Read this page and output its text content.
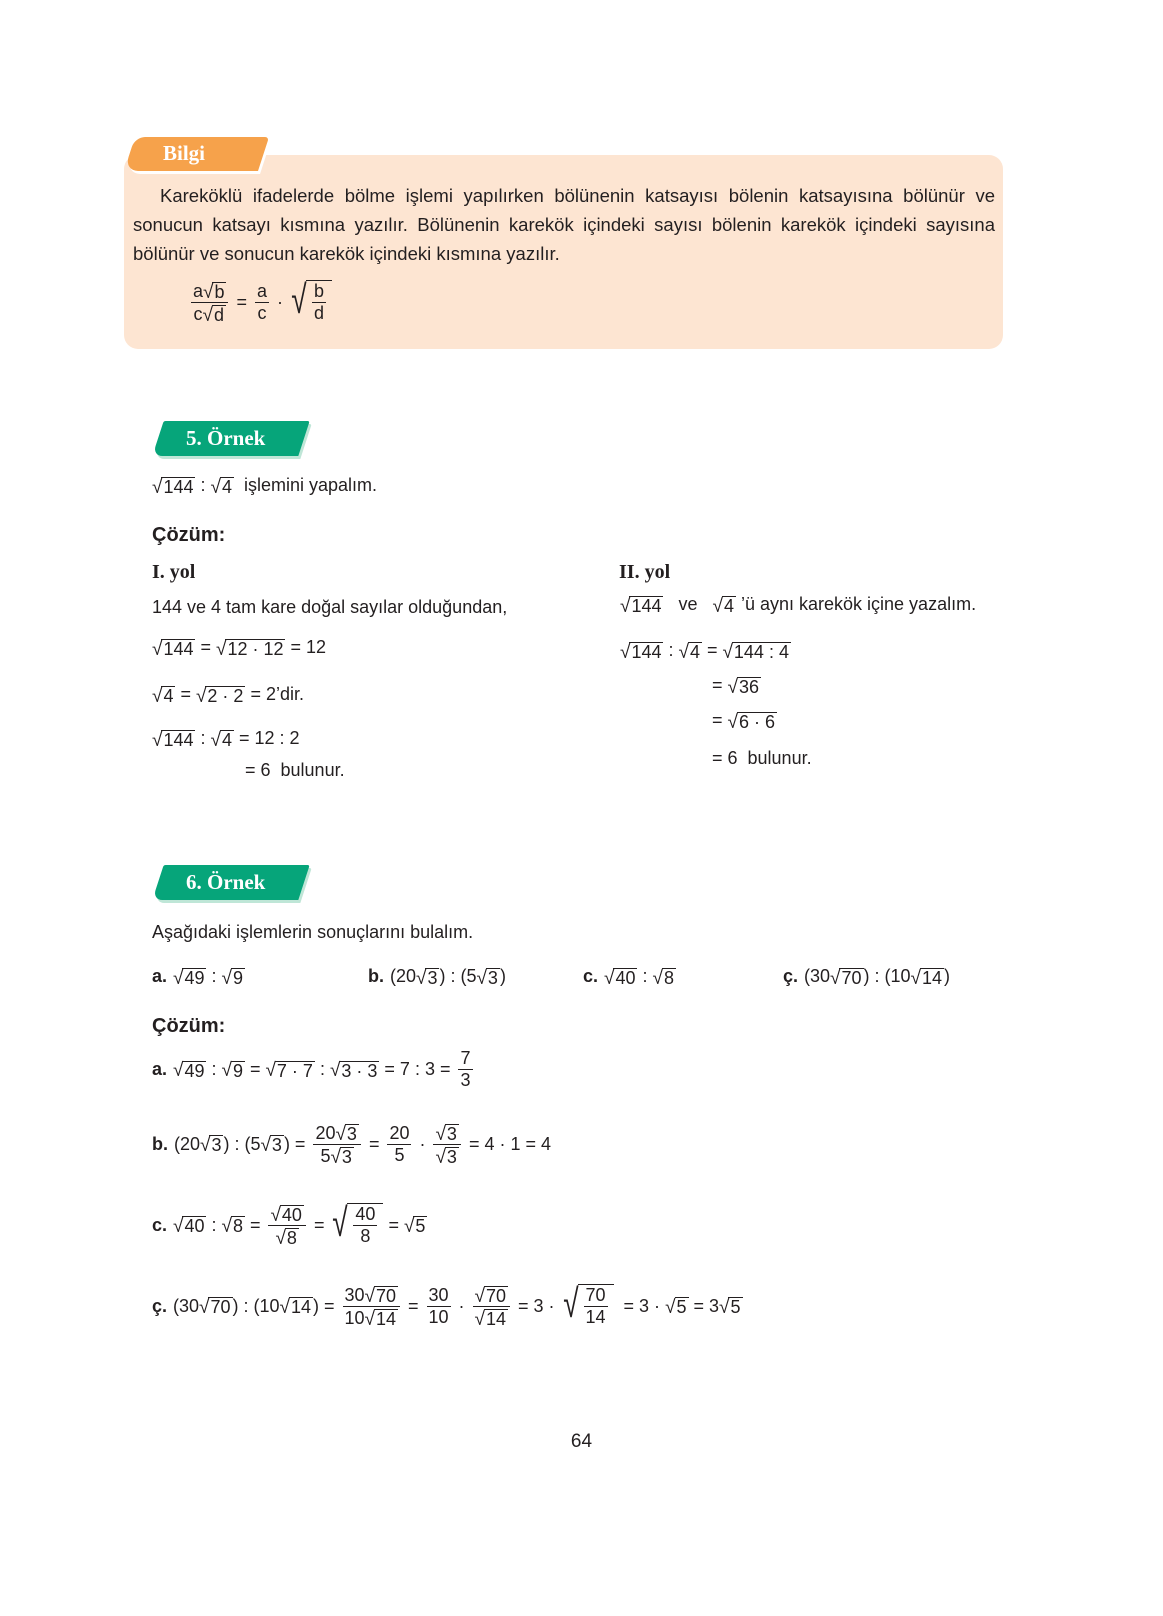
Bilgi
Kareköklü ifadelerde bölme işlemi yapılırken bölünenin katsayısı bölenin katsayısına bölünür ve sonucun katsayı kısmına yazılır. Bölünenin karekök içindeki sayısı bölenin karekök içindeki sayısına bölünür ve sonucun karekök içindeki kısmına yazılır.
$\frac{a √ b}{c √ d} = \frac{a}{c}$ · √ $\frac{b}{d}$
5. Örnek
√ 144 : √ 4 işlemini yapalım.
Çözüm:
I. yol	II. yol
144 ve 4 tam kare doğal sayılar olduğundan,
√ 144 = √ 12 · 12 = 12
√ 4 = √ 2 · 2 = 2’dir.
√ 144 : √ 4 = 12 : 2
= 6  bulunur.
√ 144 ve √ 4 ’ü aynı karekök içine yazalım.
√ 144 : √ 4 = √ 144 : 4
= √ 36
= √ 6 · 6
= 6  bulunur.
6. Örnek
Aşağıdaki işlemlerin sonuçlarını bulalım.
a. √ 49 : √ 9	b. (20 √ 3 ) : (5 √ 3 )	c. √ 40 : √ 8	ç. (30 √ 70 ) : (10 √ 14 )
Çözüm:
a. √ 49 : √ 9 = √ 7 · 7 : √ 3 · 3 = 7 : $3 = \frac{7}{3}$
b. (20 √ 3 ) : (5 √ 3 ) = $\frac{20 √ 3}{5 √ 3} = \frac{20}{5} \cdot \frac{√ 3}{√ 3} = 4 \cdot 1 = 4$
c. √ 40 : √ $8 = \frac{√ 40}{√ 8}$ = √ $\frac{40}{8}$ = √ 5
ç. (30 √ 70 ) : (10 √ 14 ) = $\frac{30 √ 70}{10 √ 14} = \frac{30}{10} \cdot \frac{√ 70}{√ 14} = 3$ · √ $\frac{70}{14} = 3$ · √ 5 = 3 √ 5
64
